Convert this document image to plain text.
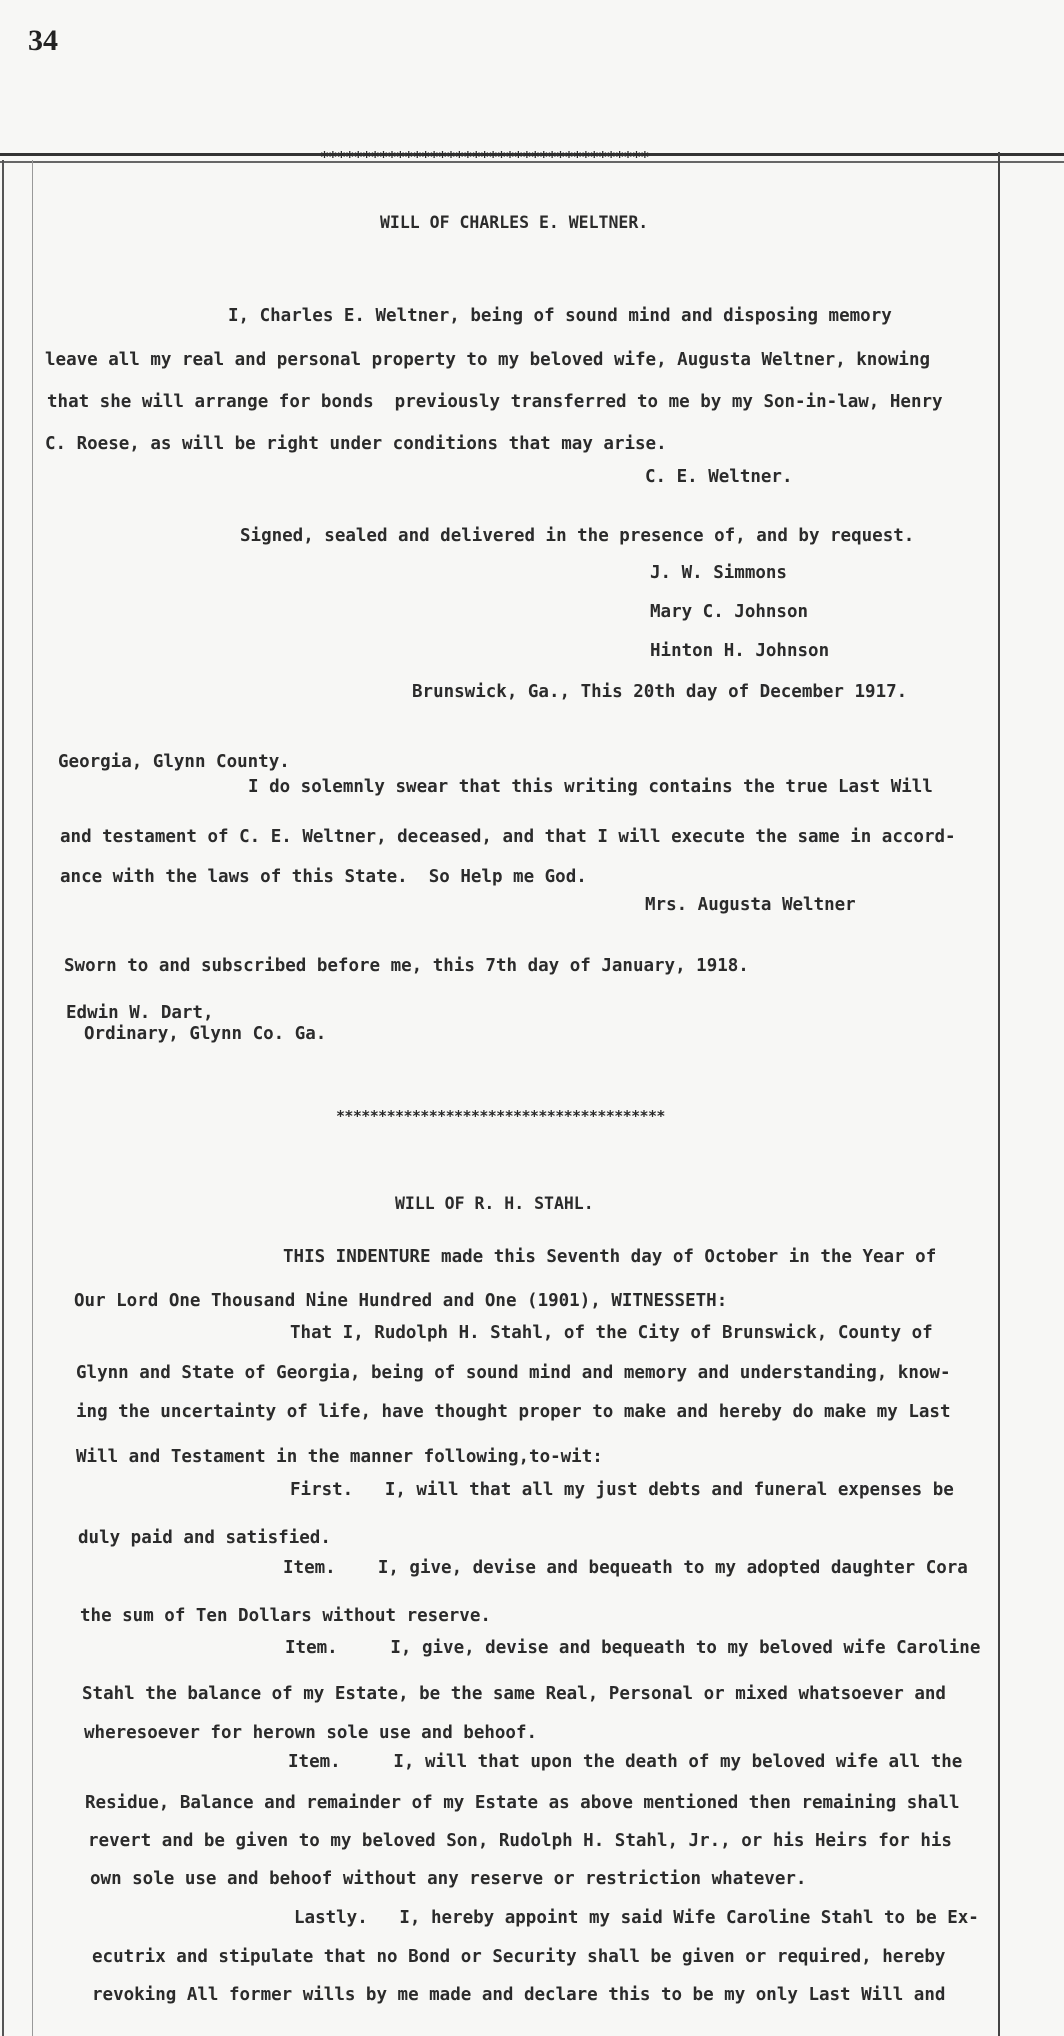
34
***************************************
WILL OF CHARLES E. WELTNER.
I, Charles E. Weltner, being of sound mind and disposing memory
leave all my real and personal property to my beloved wife, Augusta Weltner, knowing
that she will arrange for bonds  previously transferred to me by my Son-in-law, Henry
C. Roese, as will be right under conditions that may arise.
C. E. Weltner.
Signed, sealed and delivered in the presence of, and by request.
J. W. Simmons
Mary C. Johnson
Hinton H. Johnson
Brunswick, Ga., This 20th day of December 1917.
Georgia, Glynn County.
I do solemnly swear that this writing contains the true Last Will
and testament of C. E. Weltner, deceased, and that I will execute the same in accord-
ance with the laws of this State.  So Help me God.
Mrs. Augusta Weltner
Sworn to and subscribed before me, this 7th day of January, 1918.
Edwin W. Dart,
Ordinary, Glynn Co. Ga.
***************************************
WILL OF R. H. STAHL.
THIS INDENTURE made this Seventh day of October in the Year of
Our Lord One Thousand Nine Hundred and One (1901), WITNESSETH:
That I, Rudolph H. Stahl, of the City of Brunswick, County of
Glynn and State of Georgia, being of sound mind and memory and understanding, know-
ing the uncertainty of life, have thought proper to make and hereby do make my Last
Will and Testament in the manner following,to-wit:
First.   I, will that all my just debts and funeral expenses be
duly paid and satisfied.
Item.    I, give, devise and bequeath to my adopted daughter Cora
the sum of Ten Dollars without reserve.
Item.     I, give, devise and bequeath to my beloved wife Caroline
Stahl the balance of my Estate, be the same Real, Personal or mixed whatsoever and
wheresoever for herown sole use and behoof.
Item.     I, will that upon the death of my beloved wife all the
Residue, Balance and remainder of my Estate as above mentioned then remaining shall
revert and be given to my beloved Son, Rudolph H. Stahl, Jr., or his Heirs for his
own sole use and behoof without any reserve or restriction whatever.
Lastly.   I, hereby appoint my said Wife Caroline Stahl to be Ex-
ecutrix and stipulate that no Bond or Security shall be given or required, hereby
revoking All former wills by me made and declare this to be my only Last Will and
